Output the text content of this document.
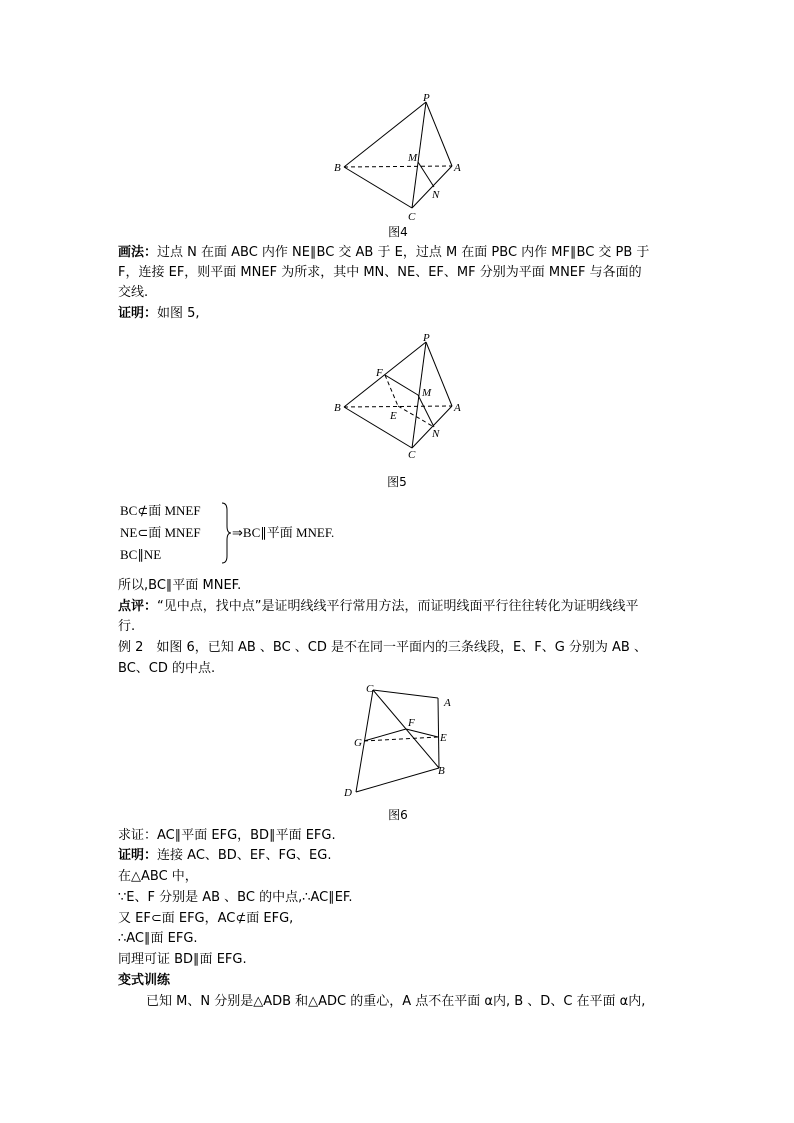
P
B
M
A
N
C
图4
画法：过点 N 在面 ABC 内作 NE∥BC 交 AB 于 E，过点 M 在面 PBC 内作 MF∥BC 交 PB 于
F，连接 EF，则平面 MNEF 为所求，其中 MN、NE、EF、MF 分别为平面 MNEF 与各面的
交线.
证明：如图 5,
P
F
M
B
E
A
N
C
图5
BC⊄面 MNEF
NE⊂面 MNEF
BC∥NE
⇒BC∥平面 MNEF.
所以,BC∥平面 MNEF.
点评：“见中点，找中点”是证明线线平行常用方法，而证明线面平行往往转化为证明线线平
行.
例 2　如图 6，已知 AB 、BC 、CD 是不在同一平面内的三条线段，E、F、G 分别为 AB 、
BC、CD 的中点.
C
A
F
G	E
B
D
图6
求证：AC∥平面 EFG，BD∥平面 EFG.
证明：连接 AC、BD、EF、FG、EG.
在△ABC 中，
∵E、F 分别是 AB 、BC 的中点,∴AC∥EF.
又 EF⊂面 EFG，AC⊄面 EFG,
∴AC∥面 EFG.
同理可证 BD∥面 EFG.
变式训练
已知 M、N 分别是△ADB 和△ADC 的重心，A 点不在平面 α内, B 、D、C 在平面 α内,
